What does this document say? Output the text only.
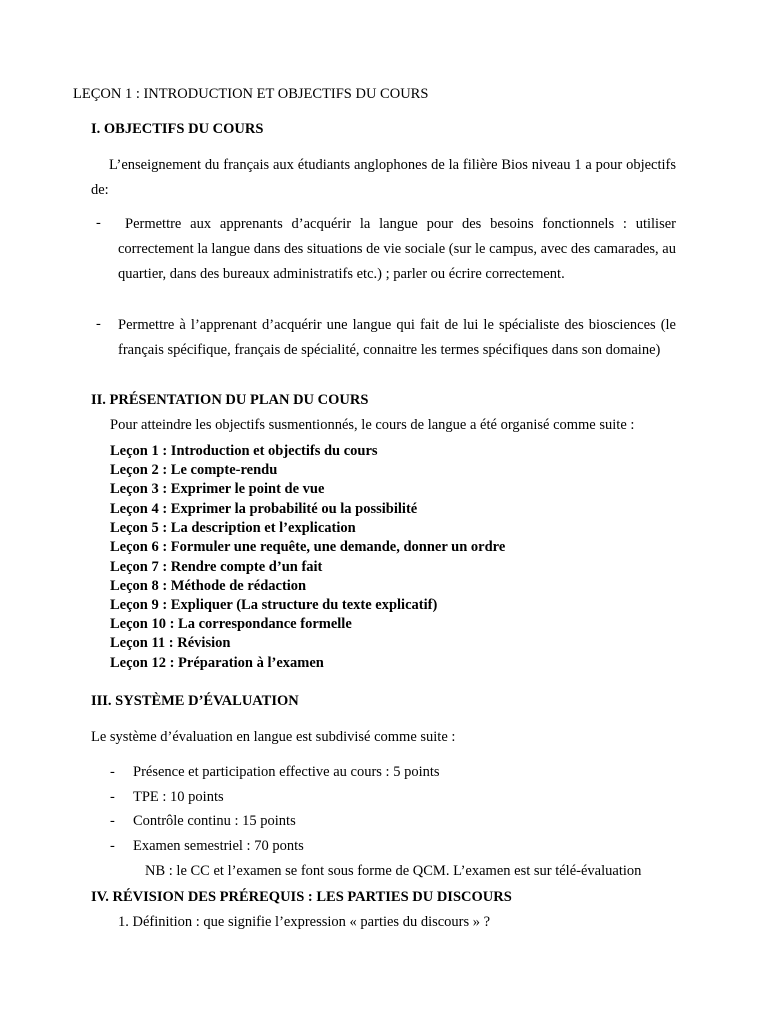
LEÇON 1 : INTRODUCTION ET OBJECTIFS DU COURS
I. OBJECTIFS DU COURS
L’enseignement du français aux étudiants anglophones de la filière Bios niveau 1 a pour objectifs de:
-	Permettre aux apprenants d’acquérir la langue pour des besoins fonctionnels : utiliser correctement la langue dans des situations de vie sociale (sur le campus, avec des camarades, au quartier, dans des bureaux administratifs etc.) ; parler ou écrire correctement.
- Permettre à l’apprenant d’acquérir une langue qui fait de lui le spécialiste des biosciences (le français spécifique, français de spécialité, connaitre les termes spécifiques dans son domaine)
II. PRÉSENTATION DU PLAN DU COURS
Pour atteindre les objectifs susmentionnés, le cours de langue a été organisé comme suite :
Leçon 1 : Introduction et objectifs du cours
Leçon 2 : Le compte-rendu
Leçon 3 : Exprimer le point de vue
Leçon 4 : Exprimer la probabilité ou la possibilité
Leçon 5 : La description et l’explication
Leçon 6 : Formuler une requête, une demande, donner un ordre
Leçon 7 : Rendre compte d’un fait
Leçon 8 : Méthode de rédaction
Leçon 9 : Expliquer (La structure du texte explicatif)
Leçon 10 : La correspondance formelle
Leçon 11 : Révision
Leçon 12 : Préparation à l’examen
III. SYSTÈME D’ÉVALUATION
Le système d’évaluation en langue est subdivisé comme suite :
- Présence et participation effective au cours : 5 points
- TPE : 10 points
- Contrôle continu : 15 points
- Examen semestriel : 70 ponts
NB : le CC et l’examen se font sous forme de QCM. L’examen est sur télé-évaluation
IV. RÉVISION DES PRÉREQUIS : LES PARTIES DU DISCOURS
1. Définition : que signifie l’expression « parties du discours » ?
